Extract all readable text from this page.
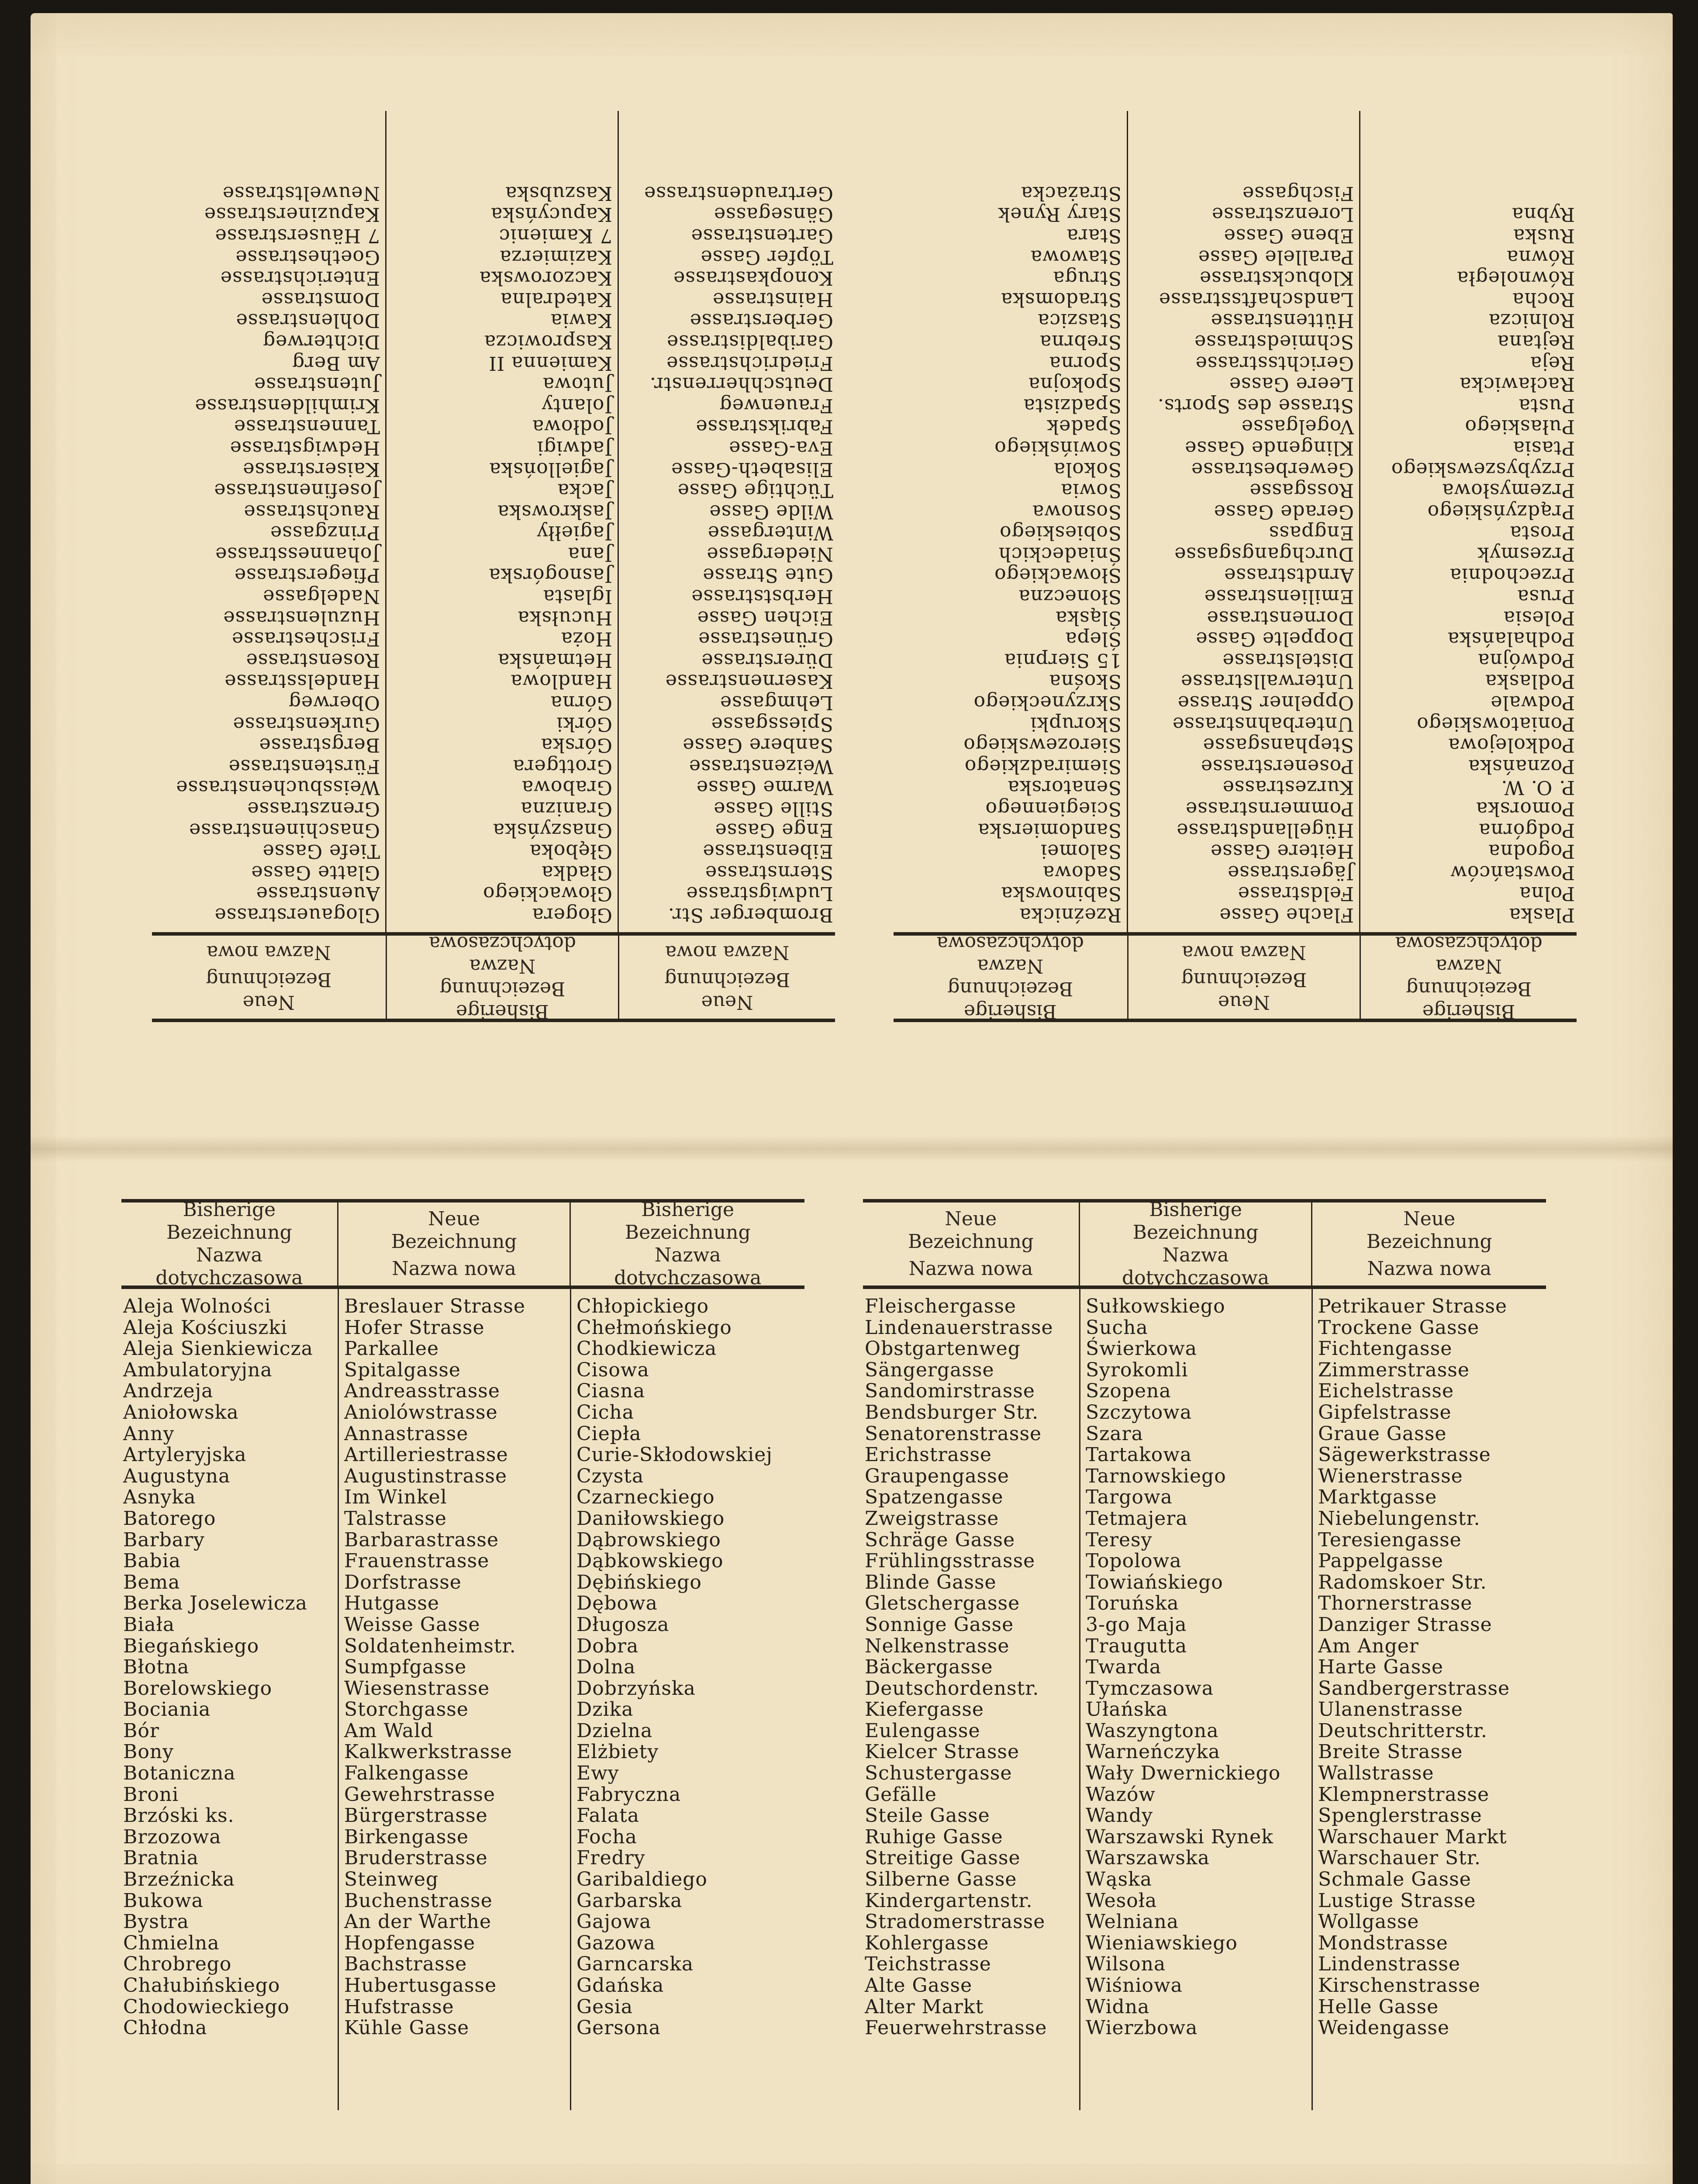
Bisherige
Bezeichnung
Nazwa
dotychczasowa
Neue
Bezeichnung
Nazwa nowa
Bisherige
Bezeichnung
Nazwa
dotychczasowa
Plaska
Polna
Powstańców
Pogodna
Podgórna
Pomorska
P. O. W.
Poznańska
Podkolejowa
Poniatowskiego
Podwale
Podlaska
Podwójna
Podhalańska
Polesia
Prusa
Przechodnia
Przesmyk
Prosta
Prądzyńskiego
Przemysłowa
Przybyszewskiego
Ptasia
Pułaskiego
Pusta
Racławicka
Reja
Rejtana
Rolnicza
Rocha
Równoległa
Równa
Ruska
Rybna
Flache Gasse
Feldstrasse
Jägerstrasse
Heitere Gasse
Hügellandstrasse
Pommernstrasse
Kurzestrasse
Posenerstrasse
Stephansgasse
Unterbahnstrasse
Oppelner Strasse
Unterwallstrasse
Distelstrasse
Doppelte Gasse
Dornenstrasse
Emilienstrasse
Arndtstrasse
Durchgangsgasse
Engpass
Gerade Gasse
Rossgasse
Gewerbestrasse
Klingende Gasse
Vogelgasse
Strasse des Sports.
Leere Gasse
Gerichtsstrasse
Schmiedstrasse
Hüttenstrasse
Landschaftsstrasse
Klobuckstrasse
Parallele Gasse
Ebene Gasse
Lorenzstrasse
Fischgasse
Rzeźnicka
Sabinowska
Sadowa
Salomei
Sandomierska
Sciegiennego
Senatorska
Siemiradzkiego
Sierozewskiego
Skorupki
Skrzyneckiego
Skośna
15 Sierpnia
Ślepa
Śląska
Słoneczna
Słowackiego
Śniadeckich
Sobieskiego
Sosnowa
Sowia
Sokola
Sowińskiego
Spadek
Spadzista
Spokojna
Sporna
Srebrna
Staszica
Stradomska
Struga
Stawowa
Stara
Stary Rynek
Strażacka
Neue
Bezeichnung
Nazwa nowa
Bisherige
Bezeichnung
Nazwa
dotychczasowa
Neue
Bezeichnung
Nazwa nowa
Bromberger Str.
Ludwigstrasse
Sternstrasse
Eibenstrasse
Enge Gasse
Stille Gasse
Warme Gasse
Weizenstrasse
Sanbere Gasse
Spiessgasse
Lehmgasse
Kasernenstrasse
Dürerstrasse
Grünestrasse
Eichen Gasse
Herbststrasse
Gute Strasse
Niedergasse
Wintergasse
Wilde Gasse
Tüchtige Gasse
Elisabeth-Gasse
Eva-Gasse
Fabrikstrasse
Frauenweg
Deutschherrenstr.
Friedrichstrasse
Garibaldistrasse
Gerberstrasse
Hainstrasse
Konopkastrasse
Töpfer Gasse
Gartenstrasse
Gänsegasse
Gertraudenstrasse
Głogera
Głowackiego
Gładka
Głęboka
Gnaszyńska
Granizna
Grabowa
Grottgera
Górska
Górki
Górna
Handlowa
Hetmańska
Hoża
Hucułska
Iglasta
Jasnogórska
Jana
Jagiełły
Jaskrowska
Jacka
Jagiellońska
Jadwigi
Jodłowa
Jolanty
Jutowa
Kamienna II
Kasprowicza
Kawia
Katedralna
Kaczorowska
Kazimierza
7 Kamienic
Kapucyńska
Kaszubska
Glogauerstrasse
Auenstrasse
Glatte Gasse
Tiefe Gasse
Gnaschinenstrasse
Grenzstrasse
Weissbuchenstrasse
Fürstenstrasse
Bergstrasse
Gurkenstrasse
Oberweg
Handelsstrasse
Rosenstrasse
Frischestrasse
Huzulenstrasse
Nadelgasse
Pfiegerstrasse
Johannesstrasse
Prinzgasse
Rauchstrasse
Josefinenstrasse
Kaiserstrasse
Hedwigstrasse
Tannenstrasse
Krimhildenstrasse
Jutenstrasse
Am Berg
Dichterweg
Dohlenstrasse
Domstrasse
Enterichstrasse
Goethestrasse
7 Häuserstrasse
Kapuzinerstrasse
Neuweltstrasse
Bisherige
Bezeichnung
Nazwa
dotychczasowa
Neue
Bezeichnung
Nazwa nowa
Bisherige
Bezeichnung
Nazwa
dotychczasowa
Aleja Wolności
Aleja Kościuszki
Aleja Sienkiewicza
Ambulatoryjna
Andrzeja
Aniołowska
Anny
Artyleryjska
Augustyna
Asnyka
Batorego
Barbary
Babia
Bema
Berka Joselewicza
Biała
Biegańskiego
Błotna
Borelowskiego
Bociania
Bór
Bony
Botaniczna
Broni
Brzóski ks.
Brzozowa
Bratnia
Brzeźnicka
Bukowa
Bystra
Chmielna
Chrobrego
Chałubińskiego
Chodowieckiego
Chłodna
Breslauer Strasse
Hofer Strasse
Parkallee
Spitalgasse
Andreasstrasse
Aniolówstrasse
Annastrasse
Artilleriestrasse
Augustinstrasse
Im Winkel
Talstrasse
Barbarastrasse
Frauenstrasse
Dorfstrasse
Hutgasse
Weisse Gasse
Soldatenheimstr.
Sumpfgasse
Wiesenstrasse
Storchgasse
Am Wald
Kalkwerkstrasse
Falkengasse
Gewehrstrasse
Bürgerstrasse
Birkengasse
Bruderstrasse
Steinweg
Buchenstrasse
An der Warthe
Hopfengasse
Bachstrasse
Hubertusgasse
Hufstrasse
Kühle Gasse
Chłopickiego
Chełmońskiego
Chodkiewicza
Cisowa
Ciasna
Cicha
Ciepła
Curie-Skłodowskiej
Czysta
Czarneckiego
Daniłowskiego
Dąbrowskiego
Dąbkowskiego
Dębińskiego
Dębowa
Długosza
Dobra
Dolna
Dobrzyńska
Dzika
Dzielna
Elżbiety
Ewy
Fabryczna
Falata
Focha
Fredry
Garibaldiego
Garbarska
Gajowa
Gazowa
Garncarska
Gdańska
Gesia
Gersona
Neue
Bezeichnung
Nazwa nowa
Bisherige
Bezeichnung
Nazwa
dotychczasowa
Neue
Bezeichnung
Nazwa nowa
Fleischergasse
Lindenauerstrasse
Obstgartenweg
Sängergasse
Sandomirstrasse
Bendsburger Str.
Senatorenstrasse
Erichstrasse
Graupengasse
Spatzengasse
Zweigstrasse
Schräge Gasse
Frühlingsstrasse
Blinde Gasse
Gletschergasse
Sonnige Gasse
Nelkenstrasse
Bäckergasse
Deutschordenstr.
Kiefergasse
Eulengasse
Kielcer Strasse
Schustergasse
Gefälle
Steile Gasse
Ruhige Gasse
Streitige Gasse
Silberne Gasse
Kindergartenstr.
Stradomerstrasse
Kohlergasse
Teichstrasse
Alte Gasse
Alter Markt
Feuerwehrstrasse
Sułkowskiego
Sucha
Świerkowa
Syrokomli
Szopena
Szczytowa
Szara
Tartakowa
Tarnowskiego
Targowa
Tetmajera
Teresy
Topolowa
Towiańskiego
Toruńska
3-go Maja
Traugutta
Twarda
Tymczasowa
Ułańska
Waszyngtona
Warneńczyka
Wały Dwernickiego
Wazów
Wandy
Warszawski Rynek
Warszawska
Wąska
Wesoła
Welniana
Wieniawskiego
Wilsona
Wiśniowa
Widna
Wierzbowa
Petrikauer Strasse
Trockene Gasse
Fichtengasse
Zimmerstrasse
Eichelstrasse
Gipfelstrasse
Graue Gasse
Sägewerkstrasse
Wienerstrasse
Marktgasse
Niebelungenstr.
Teresiengasse
Pappelgasse
Radomskoer Str.
Thornerstrasse
Danziger Strasse
Am Anger
Harte Gasse
Sandbergerstrasse
Ulanenstrasse
Deutschritterstr.
Breite Strasse
Wallstrasse
Klempnerstrasse
Spenglerstrasse
Warschauer Markt
Warschauer Str.
Schmale Gasse
Lustige Strasse
Wollgasse
Mondstrasse
Lindenstrasse
Kirschenstrasse
Helle Gasse
Weidengasse
